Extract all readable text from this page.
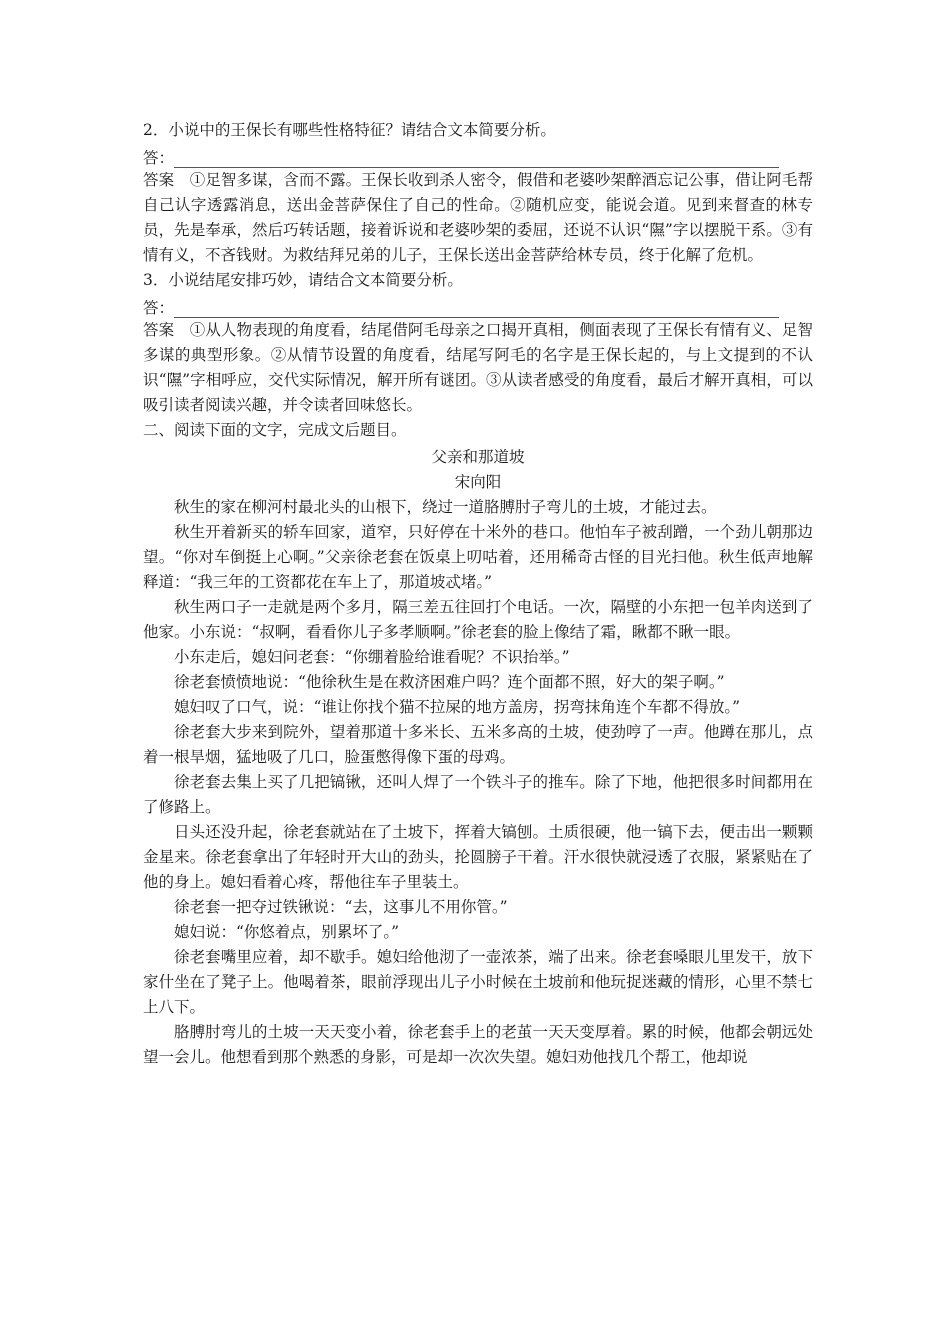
2．小说中的王保长有哪些性格特征？请结合文本简要分析。

答：

答案　 ①足智多谋，含而不露。王保长收到杀人密令，假借和老婆吵架醉酒忘记公事，借让阿毛帮自己认字透露消息，送出金菩萨保住了自己的性命。②随机应变，能说会道。见到来督查的林专员，先是奉承，然后巧转话题，接着诉说和老婆吵架的委屈，还说不认识“隰”字以摆脱干系。③有情有义，不吝钱财。为救结拜兄弟的儿子，王保长送出金菩萨给林专员，终于化解了危机。

3．小说结尾安排巧妙，请结合文本简要分析。

答：

答案　 ①从人物表现的角度看，结尾借阿毛母亲之口揭开真相，侧面表现了王保长有情有义、足智多谋的典型形象。②从情节设置的角度看，结尾写阿毛的名字是王保长起的，与上文提到的不认识“隰”字相呼应，交代实际情况，解开所有谜团。③从读者感受的角度看，最后才解开真相，可以吸引读者阅读兴趣，并令读者回味悠长。

二、阅读下面的文字，完成文后题目。

父亲和那道坡

宋向阳

秋生的家在柳河村最北头的山根下，绕过一道胳膊肘子弯儿的土坡，才能过去。

秋生开着新买的轿车回家，道窄，只好停在十米外的巷口。他怕车子被刮蹭，一个劲儿朝那边望。“你对车倒挺上心啊。”父亲徐老套在饭桌上叨咕着，还用稀奇古怪的目光扫他。秋生低声地解释道：“我三年的工资都花在车上了，那道坡忒堵。”

秋生两口子一走就是两个多月，隔三差五往回打个电话。一次，隔壁的小东把一包羊肉送到了他家。小东说：“叔啊，看看你儿子多孝顺啊。”徐老套的脸上像结了霜，瞅都不瞅一眼。

小东走后，媳妇问老套：“你绷着脸给谁看呢？不识抬举。”

徐老套愤愤地说：“他徐秋生是在救济困难户吗？连个面都不照，好大的架子啊。”

媳妇叹了口气，说：“谁让你找个猫不拉屎的地方盖房，拐弯抹角连个车都不得放。”

徐老套大步来到院外，望着那道十多米长、五米多高的土坡，使劲哼了一声。他蹲在那儿，点着一根旱烟，猛地吸了几口，脸蛋憋得像下蛋的母鸡。

徐老套去集上买了几把镐锹，还叫人焊了一个铁斗子的推车。除了下地，他把很多时间都用在了修路上。

日头还没升起，徐老套就站在了土坡下，挥着大镐刨。土质很硬，他一镐下去，便击出一颗颗金星来。徐老套拿出了年轻时开大山的劲头，抡圆膀子干着。汗水很快就浸透了衣服，紧紧贴在了他的身上。媳妇看着心疼，帮他往车子里装土。

徐老套一把夺过铁锹说：“去，这事儿不用你管。”

媳妇说：“你悠着点，别累坏了。”

徐老套嘴里应着，却不歇手。媳妇给他沏了一壶浓茶，端了出来。徐老套嗓眼儿里发干，放下家什坐在了凳子上。他喝着茶，眼前浮现出儿子小时候在土坡前和他玩捉迷藏的情形，心里不禁七上八下。

胳膊肘弯儿的土坡一天天变小着，徐老套手上的老茧一天天变厚着。累的时候，他都会朝远处望一会儿。他想看到那个熟悉的身影，可是却一次次失望。媳妇劝他找几个帮工，他却说
